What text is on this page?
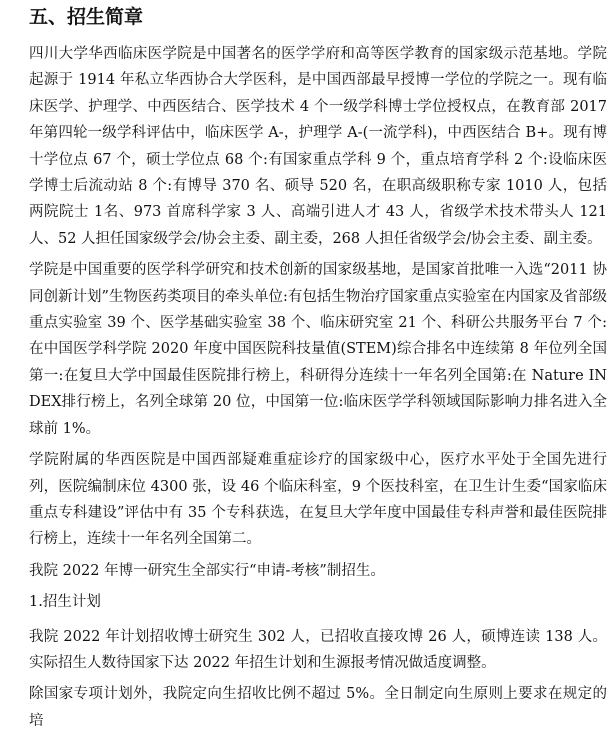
五、招生简章

四川大学华西临床医学院是中国著名的医学学府和高等医学教育的国家级示范基地。学院起源于 1914 年私立华西协合大学医科，是中国西部最早授博一学位的学院之一。现有临床医学、护理学、中西医结合、医学技术 4 个一级学科博士学位授权点，在教育部 2017 年第四轮一级学科评估中，临床医学 A-，护理学 A-(一流学科)，中西医结合 B+。现有博十学位点 67 个，硕士学位点 68 个:有国家重点学科 9 个，重点培育学科 2 个:设临床医学博士后流动站 8 个:有博导 370 名、硕导 520 名，在职高级职称专家 1010 人，包括两院院士 1名、973 首席科学家 3 人、高端引进人才 43 人，省级学术技术带头人 121 人、52 人担任国家级学会/协会主委、副主委，268 人担任省级学会/协会主委、副主委。

学院是中国重要的医学科学研究和技术创新的国家级基地，是国家首批唯一入选“2011 协同创新计划”生物医药类项目的牵头单位:有包括生物治疗国家重点实验室在内国家及省部级重点实验室 39 个、医学基础实验室 38 个、临床研究室 21 个、科研公共服务平台 7 个:在中国医学科学院 2020 年度中国医院科技量值(STEM)综合排名中连续第 8 年位列全国第一:在复旦大学中国最佳医院排行榜上，科研得分连续十一年名列全国第:在 Nature INDEX排行榜上，名列全球第 20 位，中国第一位:临床医学学科领域国际影响力排名进入全球前 1%。

学院附属的华西医院是中国西部疑难重症诊疗的国家级中心，医疗水平处于全国先进行列，医院编制床位 4300 张，设 46 个临床科室，9 个医技科室，在卫生计生委“国家临床重点专科建设”评估中有 35 个专科获选，在复旦大学年度中国最佳专科声誉和最佳医院排行榜上，连续十一年名列全国第二。

我院 2022 年博一研究生全部实行“申请-考核”制招生。

1.招生计划

我院 2022 年计划招收博士研究生 302 人，已招收直接攻博 26 人，硕博连读 138 人。实际招生人数待国家下达 2022 年招生计划和生源报考情况做适度调整。

除国家专项计划外，我院定向生招收比例不超过 5%。全日制定向生原则上要求在规定的培
